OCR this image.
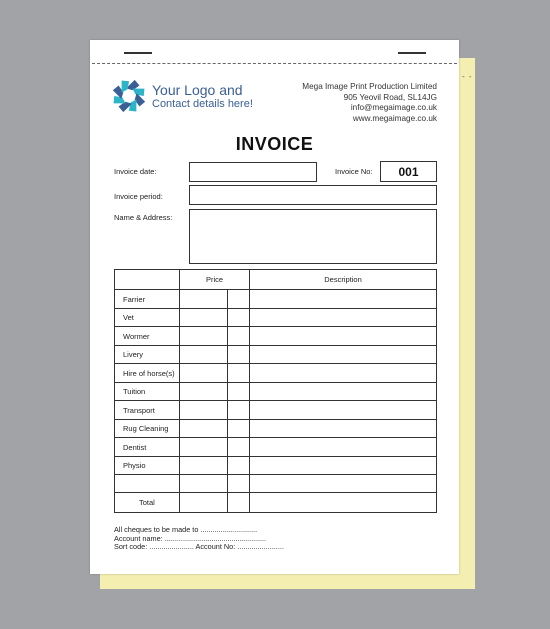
- -
Your Logo and
Contact details here!
Mega Image Print Production Limited
905 Yeovil Road, SL14JG
info@megaimage.co.uk
www.megaimage.co.uk
INVOICE
Invoice date:	Invoice No:	001
Invoice period:
Name & Address:
	Price		Description
Farrier			
Vet			
Wormer			
Livery			
Hire of horse(s)			
Tuition			
Transport			
Rug Cleaning			
Dentist			
Physio			

Total			
All cheques to be made to ............................
Account name: ..................................................
Sort code: ...................... Account No: .......................
